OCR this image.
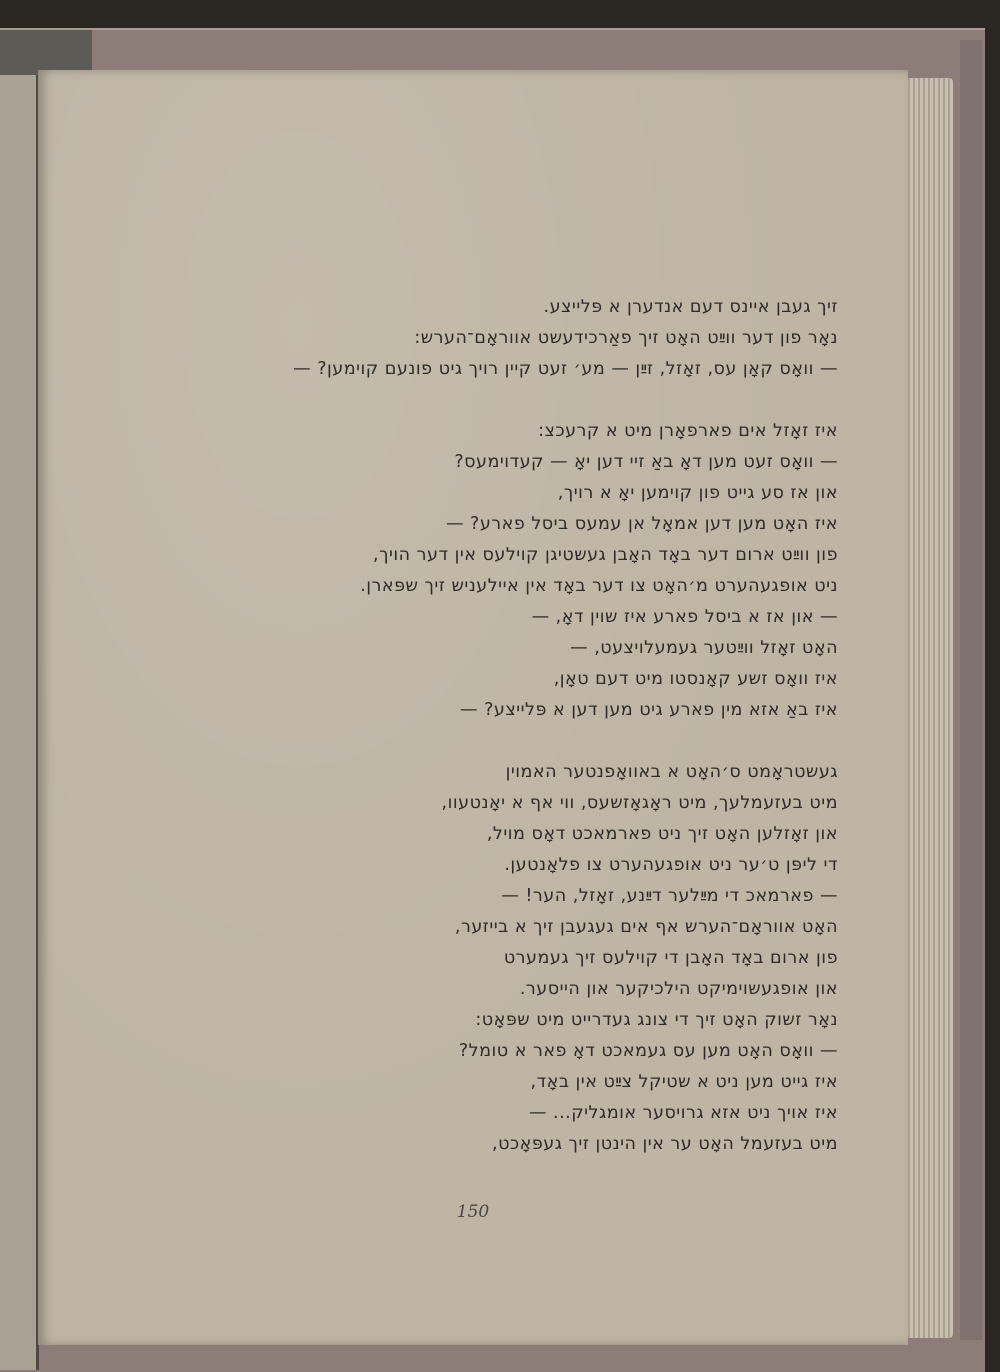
זיך געבן איינס דעם אנדערן א פּלייצע.
נאָר פון דער ווײַט האָט זיך פאַרכידעשט אווראָם־הערש:
— וואָס קאָן עס, זאָזל, זײַן — מע׳ זעט קיין רויך גיט פונעם קוימען? —
איז זאָזל אים פארפאָרן מיט א קרעכצ:
— וואָס זעט מען דאָ באַ זיי דען יאָ — קעדוימעס?
און אז סע גייט פון קוימען יאָ א רויך,
איז האָט מען דען אמאָל אן עמעס ביסל פארע? —
פון ווײַט ארום דער באָד האָבן געשטיגן קוילעס אין דער הויך,
ניט אופגעהערט מ׳האָט צו דער באָד אין איילעניש זיך שפּארן.
— און אז א ביסל פארע איז שוין דאָ, —
האָט זאָזל ווײַטער געמעלויצעט, —
איז וואָס זשע קאָנסטו מיט דעם טאָן,
איז באַ אזא מין פארע גיט מען דען א פּלייצע? —
געשטראָמט ס׳האָט א באוואָפנטער האמוין
מיט בעזעמלעך, מיט ראָגאָזשעס, ווי אף א יאָנטעוו,
און זאָזלען האָט זיך ניט פארמאכט דאָס מויל,
די ליפּן ט׳ער ניט אופגעהערט צו פלאָנטען.
— פארמאכ די מײַלער דײַנע, זאָזל, הער! —
האָט אווראָם־הערש אף אים געגעבן זיך א בייזער,
פון ארום באָד האָבן די קוילעס זיך געמערט
און אופגעשוימיקט הילכיקער און הייסער.
נאָר זשוק האָט זיך די צונג געדרייט מיט שפּאָט:
— וואָס האָט מען עס געמאכט דאָ פאר א טומל?
איז גייט מען ניט א שטיקל צײַט אין באָד,
איז אויך ניט אזא גרויסער אומגליק... —
מיט בעזעמל האָט ער אין הינטן זיך געפּאָכט,
150
